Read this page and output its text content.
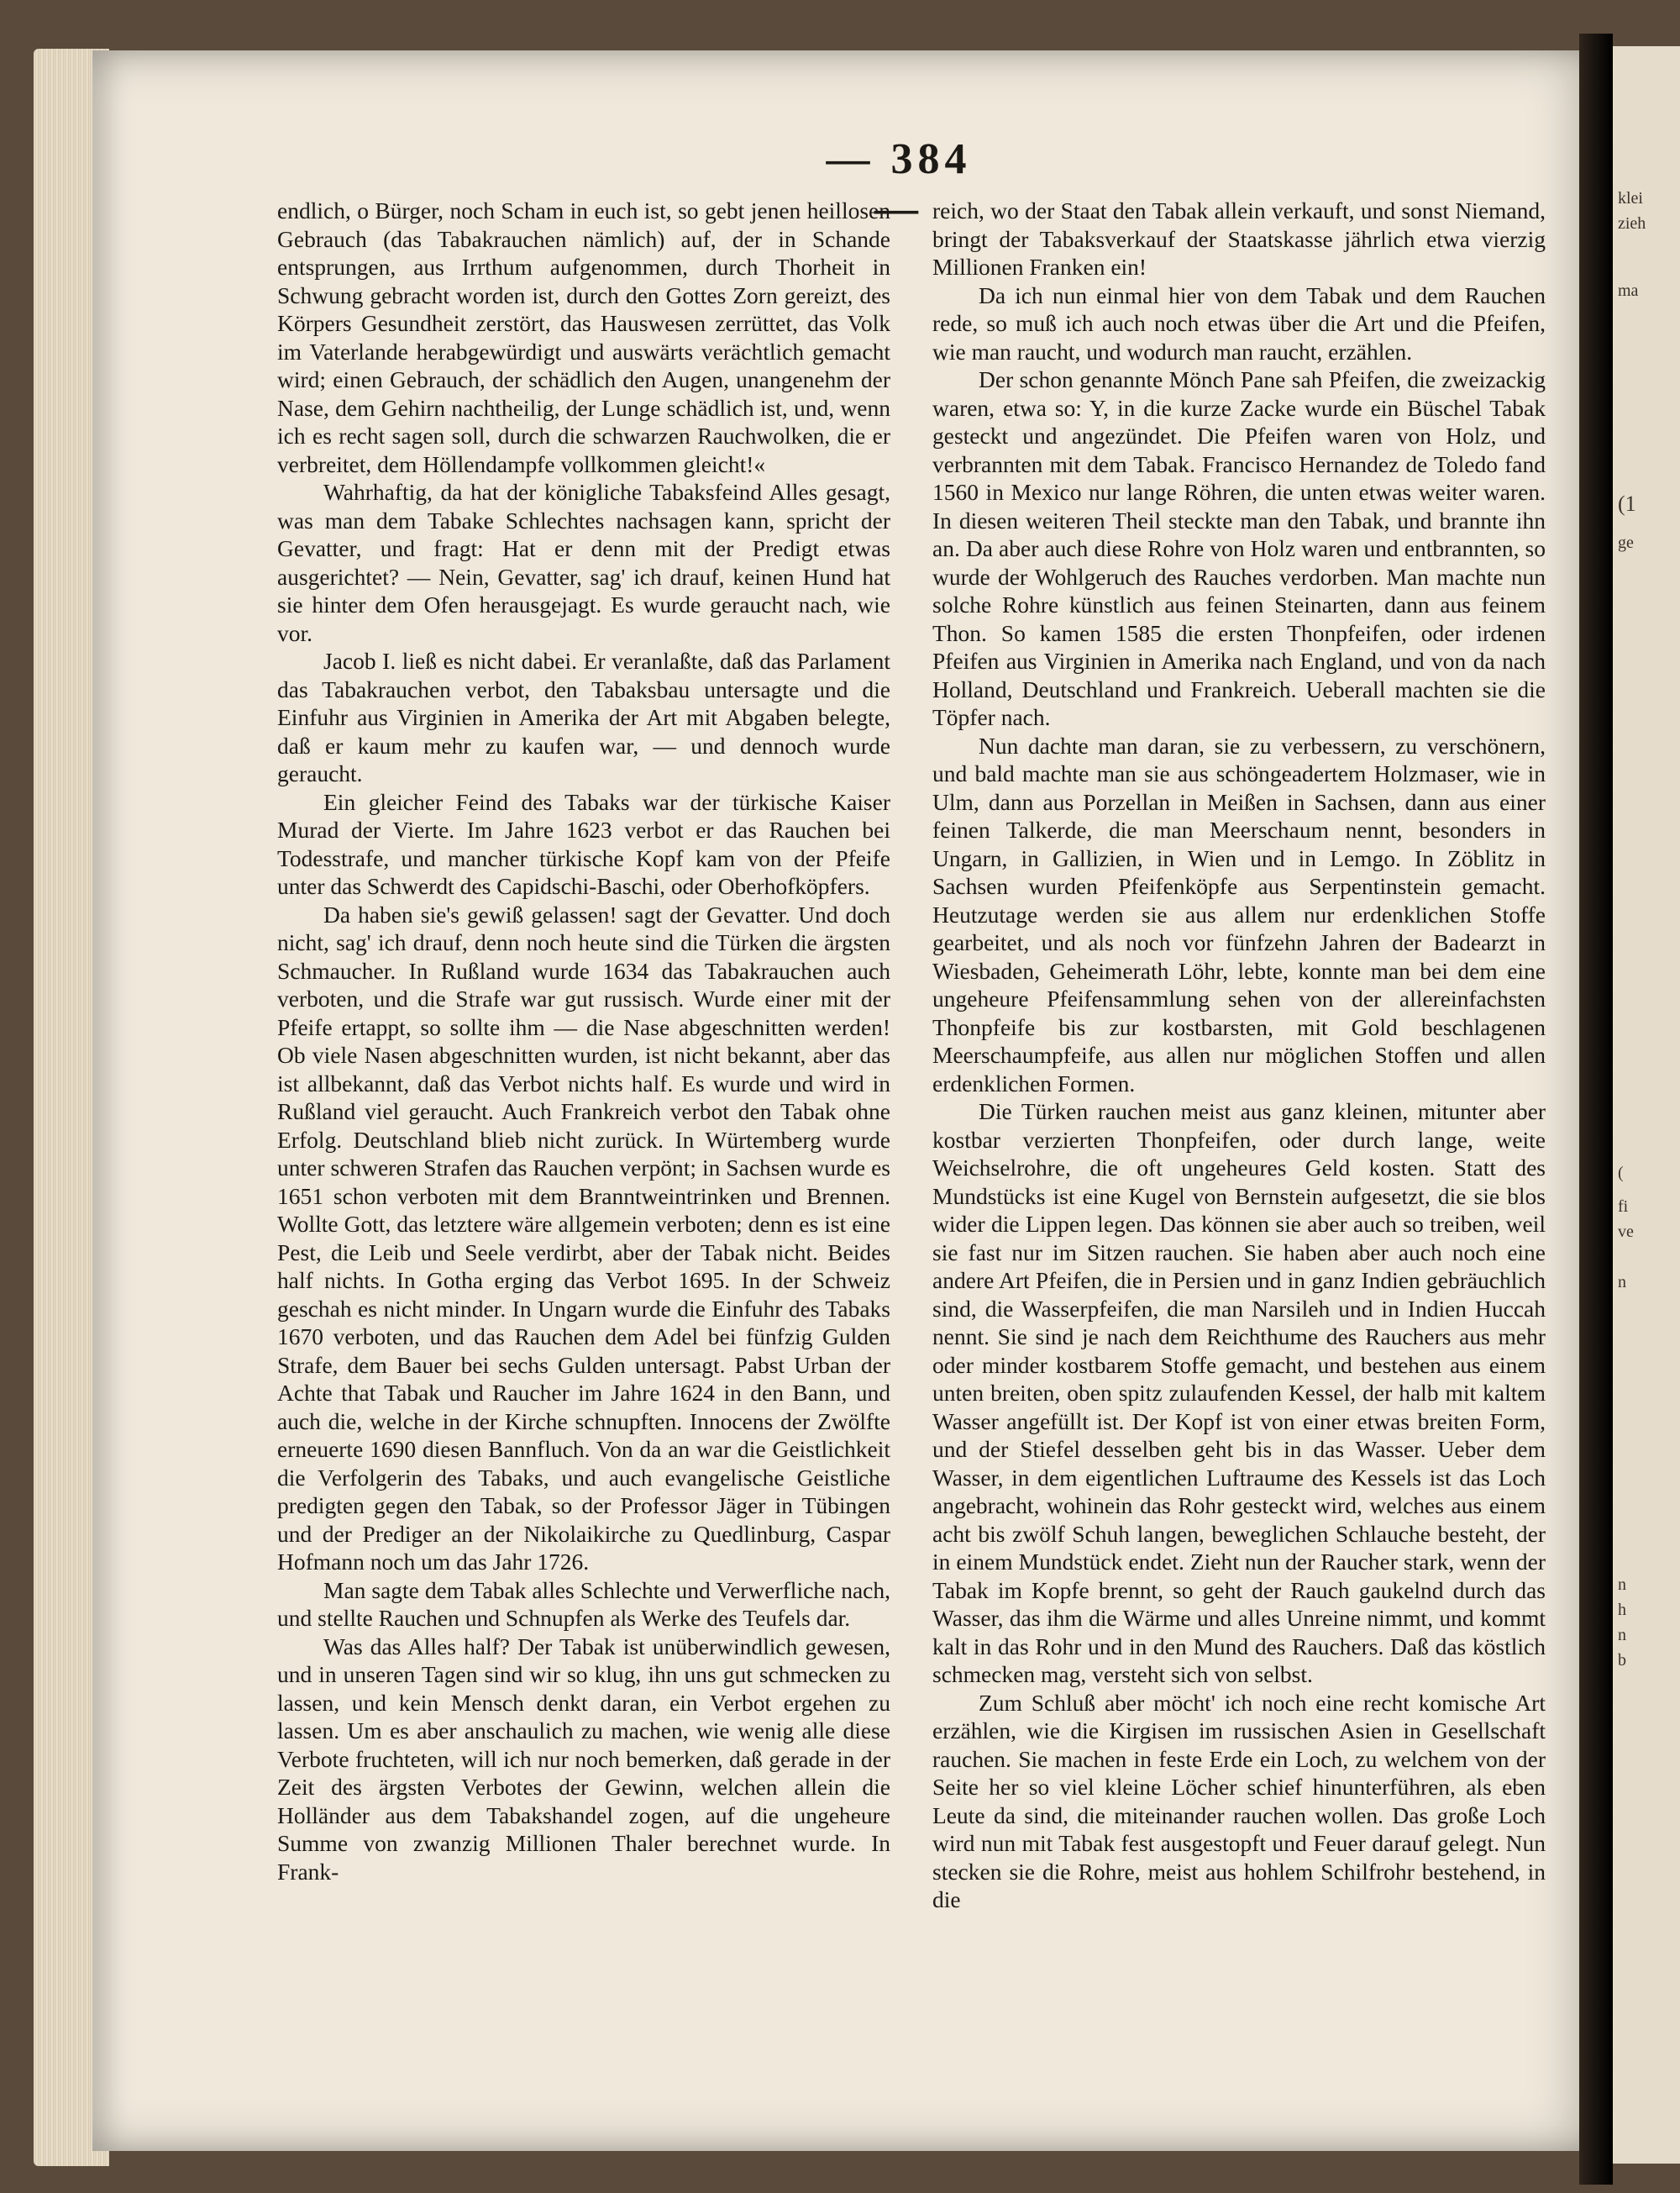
klei
zieh
ma
(1
ge
(
fi
ve
n
n
h
n
b
— 384 —

endlich, o Bürger, noch Scham in euch ist, so gebt jenen heillosen Gebrauch (das Tabakrauchen nämlich) auf, der in Schande entsprungen, aus Irrthum aufgenommen, durch Thorheit in Schwung gebracht worden ist, durch den Gottes Zorn gereizt, des Körpers Gesundheit zerstört, das Hauswesen zerrüttet, das Volk im Vaterlande herabgewürdigt und auswärts verächtlich gemacht wird; einen Gebrauch, der schädlich den Augen, unangenehm der Nase, dem Gehirn nachtheilig, der Lunge schädlich ist, und, wenn ich es recht sagen soll, durch die schwarzen Rauchwolken, die er verbreitet, dem Höllendampfe vollkommen gleicht!«

Wahrhaftig, da hat der königliche Tabaksfeind Alles gesagt, was man dem Tabake Schlechtes nachsagen kann, spricht der Gevatter, und fragt: Hat er denn mit der Predigt etwas ausgerichtet? — Nein, Gevatter, sag' ich drauf, keinen Hund hat sie hinter dem Ofen herausgejagt. Es wurde geraucht nach, wie vor.

Jacob I. ließ es nicht dabei. Er veranlaßte, daß das Parlament das Tabakrauchen verbot, den Tabaksbau untersagte und die Einfuhr aus Virginien in Amerika der Art mit Abgaben belegte, daß er kaum mehr zu kaufen war, — und dennoch wurde geraucht.

Ein gleicher Feind des Tabaks war der türkische Kaiser Murad der Vierte. Im Jahre 1623 verbot er das Rauchen bei Todesstrafe, und mancher türkische Kopf kam von der Pfeife unter das Schwerdt des Capidschi-Baschi, oder Oberhofköpfers.

Da haben sie's gewiß gelassen! sagt der Gevatter. Und doch nicht, sag' ich drauf, denn noch heute sind die Türken die ärgsten Schmaucher. In Rußland wurde 1634 das Tabakrauchen auch verboten, und die Strafe war gut russisch. Wurde einer mit der Pfeife ertappt, so sollte ihm — die Nase abgeschnitten werden! Ob viele Nasen abgeschnitten wurden, ist nicht bekannt, aber das ist allbekannt, daß das Verbot nichts half. Es wurde und wird in Rußland viel geraucht. Auch Frankreich verbot den Tabak ohne Erfolg. Deutschland blieb nicht zurück. In Würtemberg wurde unter schweren Strafen das Rauchen verpönt; in Sachsen wurde es 1651 schon verboten mit dem Branntweintrinken und Brennen. Wollte Gott, das letztere wäre allgemein verboten; denn es ist eine Pest, die Leib und Seele verdirbt, aber der Tabak nicht. Beides half nichts. In Gotha erging das Verbot 1695. In der Schweiz geschah es nicht minder. In Ungarn wurde die Einfuhr des Tabaks 1670 verboten, und das Rauchen dem Adel bei fünfzig Gulden Strafe, dem Bauer bei sechs Gulden untersagt. Pabst Urban der Achte that Tabak und Raucher im Jahre 1624 in den Bann, und auch die, welche in der Kirche schnupften. Innocens der Zwölfte erneuerte 1690 diesen Bannfluch. Von da an war die Geistlichkeit die Verfolgerin des Tabaks, und auch evangelische Geistliche predigten gegen den Tabak, so der Professor Jäger in Tübingen und der Prediger an der Nikolaikirche zu Quedlinburg, Caspar Hofmann noch um das Jahr 1726.

Man sagte dem Tabak alles Schlechte und Verwerfliche nach, und stellte Rauchen und Schnupfen als Werke des Teufels dar.

Was das Alles half? Der Tabak ist unüberwindlich gewesen, und in unseren Tagen sind wir so klug, ihn uns gut schmecken zu lassen, und kein Mensch denkt daran, ein Verbot ergehen zu lassen. Um es aber anschaulich zu machen, wie wenig alle diese Verbote fruchteten, will ich nur noch bemerken, daß gerade in der Zeit des ärgsten Verbotes der Gewinn, welchen allein die Holländer aus dem Tabakshandel zogen, auf die ungeheure Summe von zwanzig Millionen Thaler berechnet wurde. In Frank-

reich, wo der Staat den Tabak allein verkauft, und sonst Niemand, bringt der Tabaksverkauf der Staatskasse jährlich etwa vierzig Millionen Franken ein!

Da ich nun einmal hier von dem Tabak und dem Rauchen rede, so muß ich auch noch etwas über die Art und die Pfeifen, wie man raucht, und wodurch man raucht, erzählen.

Der schon genannte Mönch Pane sah Pfeifen, die zweizackig waren, etwa so: Y, in die kurze Zacke wurde ein Büschel Tabak gesteckt und angezündet. Die Pfeifen waren von Holz, und verbrannten mit dem Tabak. Francisco Hernandez de Toledo fand 1560 in Mexico nur lange Röhren, die unten etwas weiter waren. In diesen weiteren Theil steckte man den Tabak, und brannte ihn an. Da aber auch diese Rohre von Holz waren und entbrannten, so wurde der Wohlgeruch des Rauches verdorben. Man machte nun solche Rohre künstlich aus feinen Steinarten, dann aus feinem Thon. So kamen 1585 die ersten Thonpfeifen, oder irdenen Pfeifen aus Virginien in Amerika nach England, und von da nach Holland, Deutschland und Frankreich. Ueberall machten sie die Töpfer nach.

Nun dachte man daran, sie zu verbessern, zu verschönern, und bald machte man sie aus schöngeadertem Holzmaser, wie in Ulm, dann aus Porzellan in Meißen in Sachsen, dann aus einer feinen Talkerde, die man Meerschaum nennt, besonders in Ungarn, in Gallizien, in Wien und in Lemgo. In Zöblitz in Sachsen wurden Pfeifenköpfe aus Serpentinstein gemacht. Heutzutage werden sie aus allem nur erdenklichen Stoffe gearbeitet, und als noch vor fünfzehn Jahren der Badearzt in Wiesbaden, Geheimerath Löhr, lebte, konnte man bei dem eine ungeheure Pfeifensammlung sehen von der allereinfachsten Thonpfeife bis zur kostbarsten, mit Gold beschlagenen Meerschaumpfeife, aus allen nur möglichen Stoffen und allen erdenklichen Formen.

Die Türken rauchen meist aus ganz kleinen, mitunter aber kostbar verzierten Thonpfeifen, oder durch lange, weite Weichselrohre, die oft ungeheures Geld kosten. Statt des Mundstücks ist eine Kugel von Bernstein aufgesetzt, die sie blos wider die Lippen legen. Das können sie aber auch so treiben, weil sie fast nur im Sitzen rauchen. Sie haben aber auch noch eine andere Art Pfeifen, die in Persien und in ganz Indien gebräuchlich sind, die Wasserpfeifen, die man Narsileh und in Indien Huccah nennt. Sie sind je nach dem Reichthume des Rauchers aus mehr oder minder kostbarem Stoffe gemacht, und bestehen aus einem unten breiten, oben spitz zulaufenden Kessel, der halb mit kaltem Wasser angefüllt ist. Der Kopf ist von einer etwas breiten Form, und der Stiefel desselben geht bis in das Wasser. Ueber dem Wasser, in dem eigentlichen Luftraume des Kessels ist das Loch angebracht, wohinein das Rohr gesteckt wird, welches aus einem acht bis zwölf Schuh langen, beweglichen Schlauche besteht, der in einem Mundstück endet. Zieht nun der Raucher stark, wenn der Tabak im Kopfe brennt, so geht der Rauch gaukelnd durch das Wasser, das ihm die Wärme und alles Unreine nimmt, und kommt kalt in das Rohr und in den Mund des Rauchers. Daß das köstlich schmecken mag, versteht sich von selbst.

Zum Schluß aber möcht' ich noch eine recht komische Art erzählen, wie die Kirgisen im russischen Asien in Gesellschaft rauchen. Sie machen in feste Erde ein Loch, zu welchem von der Seite her so viel kleine Löcher schief hinunterführen, als eben Leute da sind, die miteinander rauchen wollen. Das große Loch wird nun mit Tabak fest ausgestopft und Feuer darauf gelegt. Nun stecken sie die Rohre, meist aus hohlem Schilfrohr bestehend, in die
